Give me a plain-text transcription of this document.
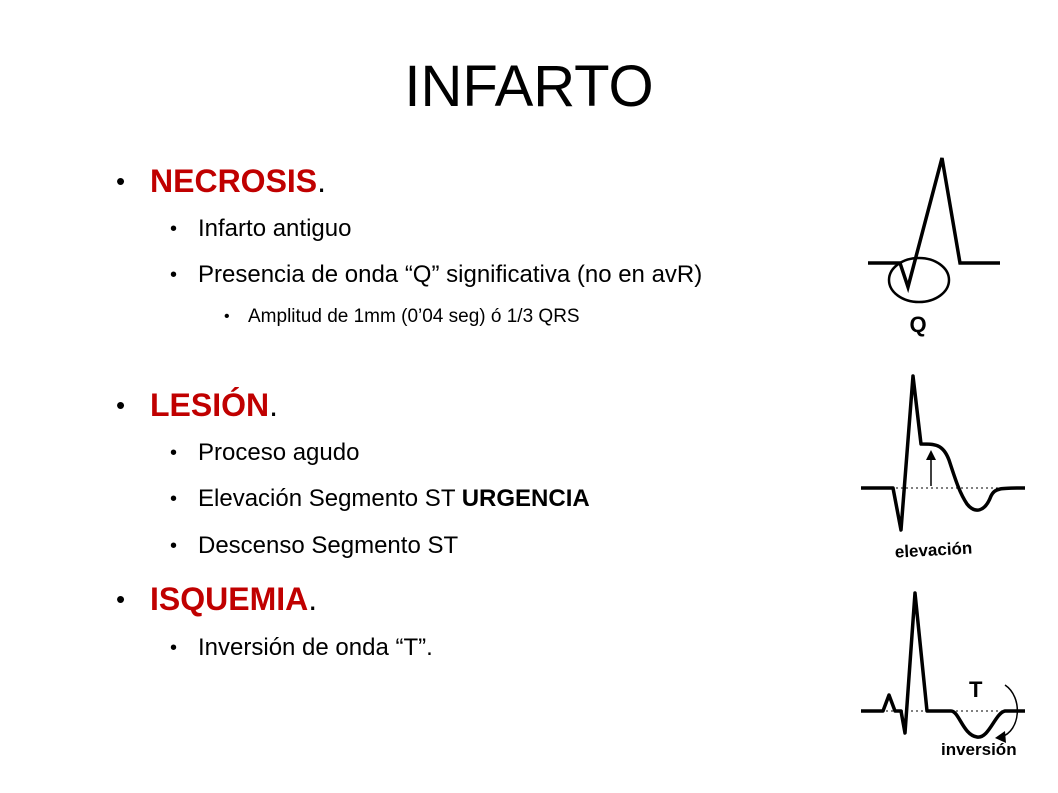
INFARTO
• NECROSIS.
• Infarto antiguo
• Presencia de onda “Q” significativa (no en avR)
• Amplitud de 1mm (0’04 seg) ó 1/3 QRS
• LESIÓN.
• Proceso agudo
• Elevación Segmento ST URGENCIA
• Descenso Segmento ST
• ISQUEMIA.
• Inversión de onda “T”.
Q
elevación
T
inversión
